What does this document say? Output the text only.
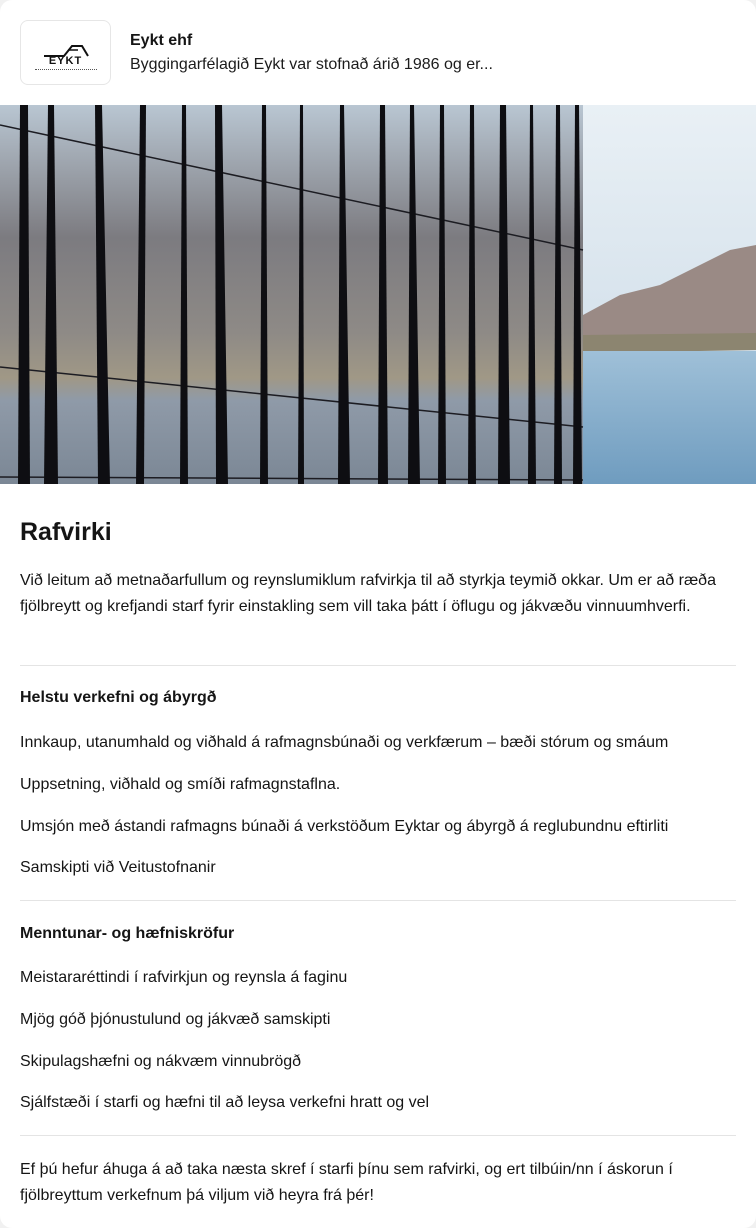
EYKT
Eykt ehf
Byggingarfélagið Eykt var stofnað árið 1986 og er...
Rafvirki

Við leitum að metnaðarfullum og reynslumiklum rafvirkja til að styrkja teymið okkar. Um er að ræða fjölbreytt og krefjandi starf fyrir einstakling sem vill taka þátt í öflugu og jákvæðu vinnuumhverfi.

Helstu verkefni og ábyrgð
Innkaup, utanumhald og viðhald á rafmagnsbúnaði og verkfærum – bæði stórum og smáum
Uppsetning, viðhald og smíði rafmagnstaflna.
Umsjón með ástandi rafmagns búnaði á verkstöðum Eyktar og ábyrgð á reglubundnu eftirliti
Samskipti við Veitustofnanir
Menntunar- og hæfniskröfur
Meistararéttindi í rafvirkjun og reynsla á faginu
Mjög góð þjónustulund og jákvæð samskipti
Skipulagshæfni og nákvæm vinnubrögð
Sjálfstæði í starfi og hæfni til að leysa verkefni hratt og vel

Ef þú hefur áhuga á að taka næsta skref í starfi þínu sem rafvirki, og ert tilbúin/nn í áskorun í fjölbreyttum verkefnum þá viljum við heyra frá þér!
